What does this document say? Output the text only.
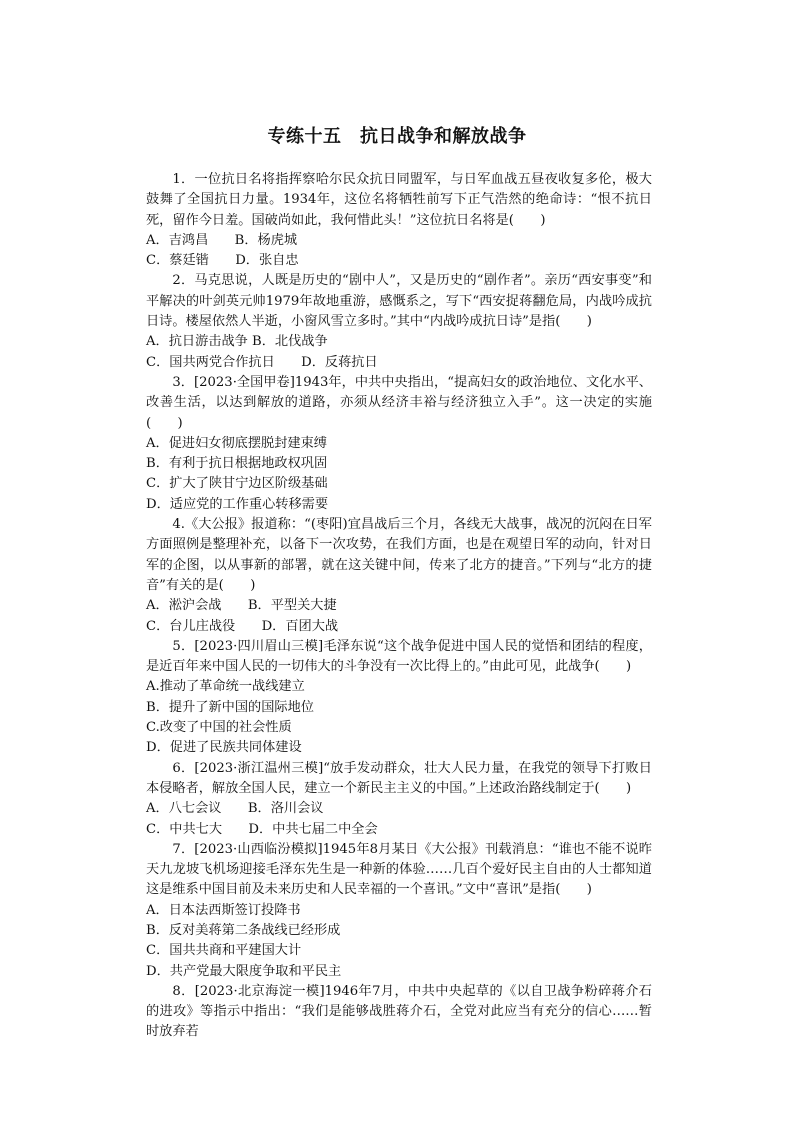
专练十五　抗日战争和解放战争

1．一位抗日名将指挥察哈尔民众抗日同盟军，与日军血战五昼夜收复多伦，极大鼓舞了全国抗日力量。1934年，这位名将牺牲前写下正气浩然的绝命诗：“恨不抗日死，留作今日羞。国破尚如此，我何惜此头！”这位抗日名将是(　　)

A．吉鸿昌　　B．杨虎城

C．蔡廷锴　　D．张自忠

2．马克思说，人既是历史的“剧中人”，又是历史的“剧作者”。亲历“西安事变”和平解决的叶剑英元帅1979年故地重游，感慨系之，写下“西安捉蒋翻危局，内战吟成抗日诗。楼屋依然人半逝，小窗风雪立多时。”其中“内战吟成抗日诗”是指(　　)

A．抗日游击战争 B．北伐战争

C．国共两党合作抗日　　D．反蒋抗日

3．[2023·全国甲卷]1943年，中共中央指出，“提高妇女的政治地位、文化水平、改善生活，以达到解放的道路，亦须从经济丰裕与经济独立入手”。这一决定的实施(　　)

A．促进妇女彻底摆脱封建束缚

B．有利于抗日根据地政权巩固

C．扩大了陕甘宁边区阶级基础

D．适应党的工作重心转移需要

4.《大公报》报道称：“(枣阳)宜昌战后三个月，各线无大战事，战况的沉闷在日军方面照例是整理补充，以备下一次攻势，在我们方面，也是在观望日军的动向，针对日军的企图，以从事新的部署，就在这关键中间，传来了北方的捷音。”下列与“北方的捷音”有关的是(　　)

A．淞沪会战　　B．平型关大捷

C．台儿庄战役　　D．百团大战

5．[2023·四川眉山三模]毛泽东说“这个战争促进中国人民的觉悟和团结的程度，是近百年来中国人民的一切伟大的斗争没有一次比得上的。”由此可见，此战争(　　)

A.推动了革命统一战线建立

B．提升了新中国的国际地位

C.改变了中国的社会性质

D．促进了民族共同体建设

6．[2023·浙江温州三模]“放手发动群众，壮大人民力量，在我党的领导下打败日本侵略者，解放全国人民，建立一个新民主主义的中国。”上述政治路线制定于(　　)

A．八七会议　　B．洛川会议

C．中共七大　　D．中共七届二中全会

7．[2023·山西临汾模拟]1945年8月某日《大公报》刊载消息：“谁也不能不说昨天九龙坡飞机场迎接毛泽东先生是一种新的体验……几百个爱好民主自由的人士都知道这是维系中国目前及未来历史和人民幸福的一个喜讯。”文中“喜讯”是指(　　)

A．日本法西斯签订投降书

B．反对美蒋第二条战线已经形成

C．国共共商和平建国大计

D．共产党最大限度争取和平民主

8．[2023·北京海淀一模]1946年7月，中共中央起草的《以自卫战争粉碎蒋介石的进攻》等指示中指出：“我们是能够战胜蒋介石，全党对此应当有充分的信心……暂时放弃若
